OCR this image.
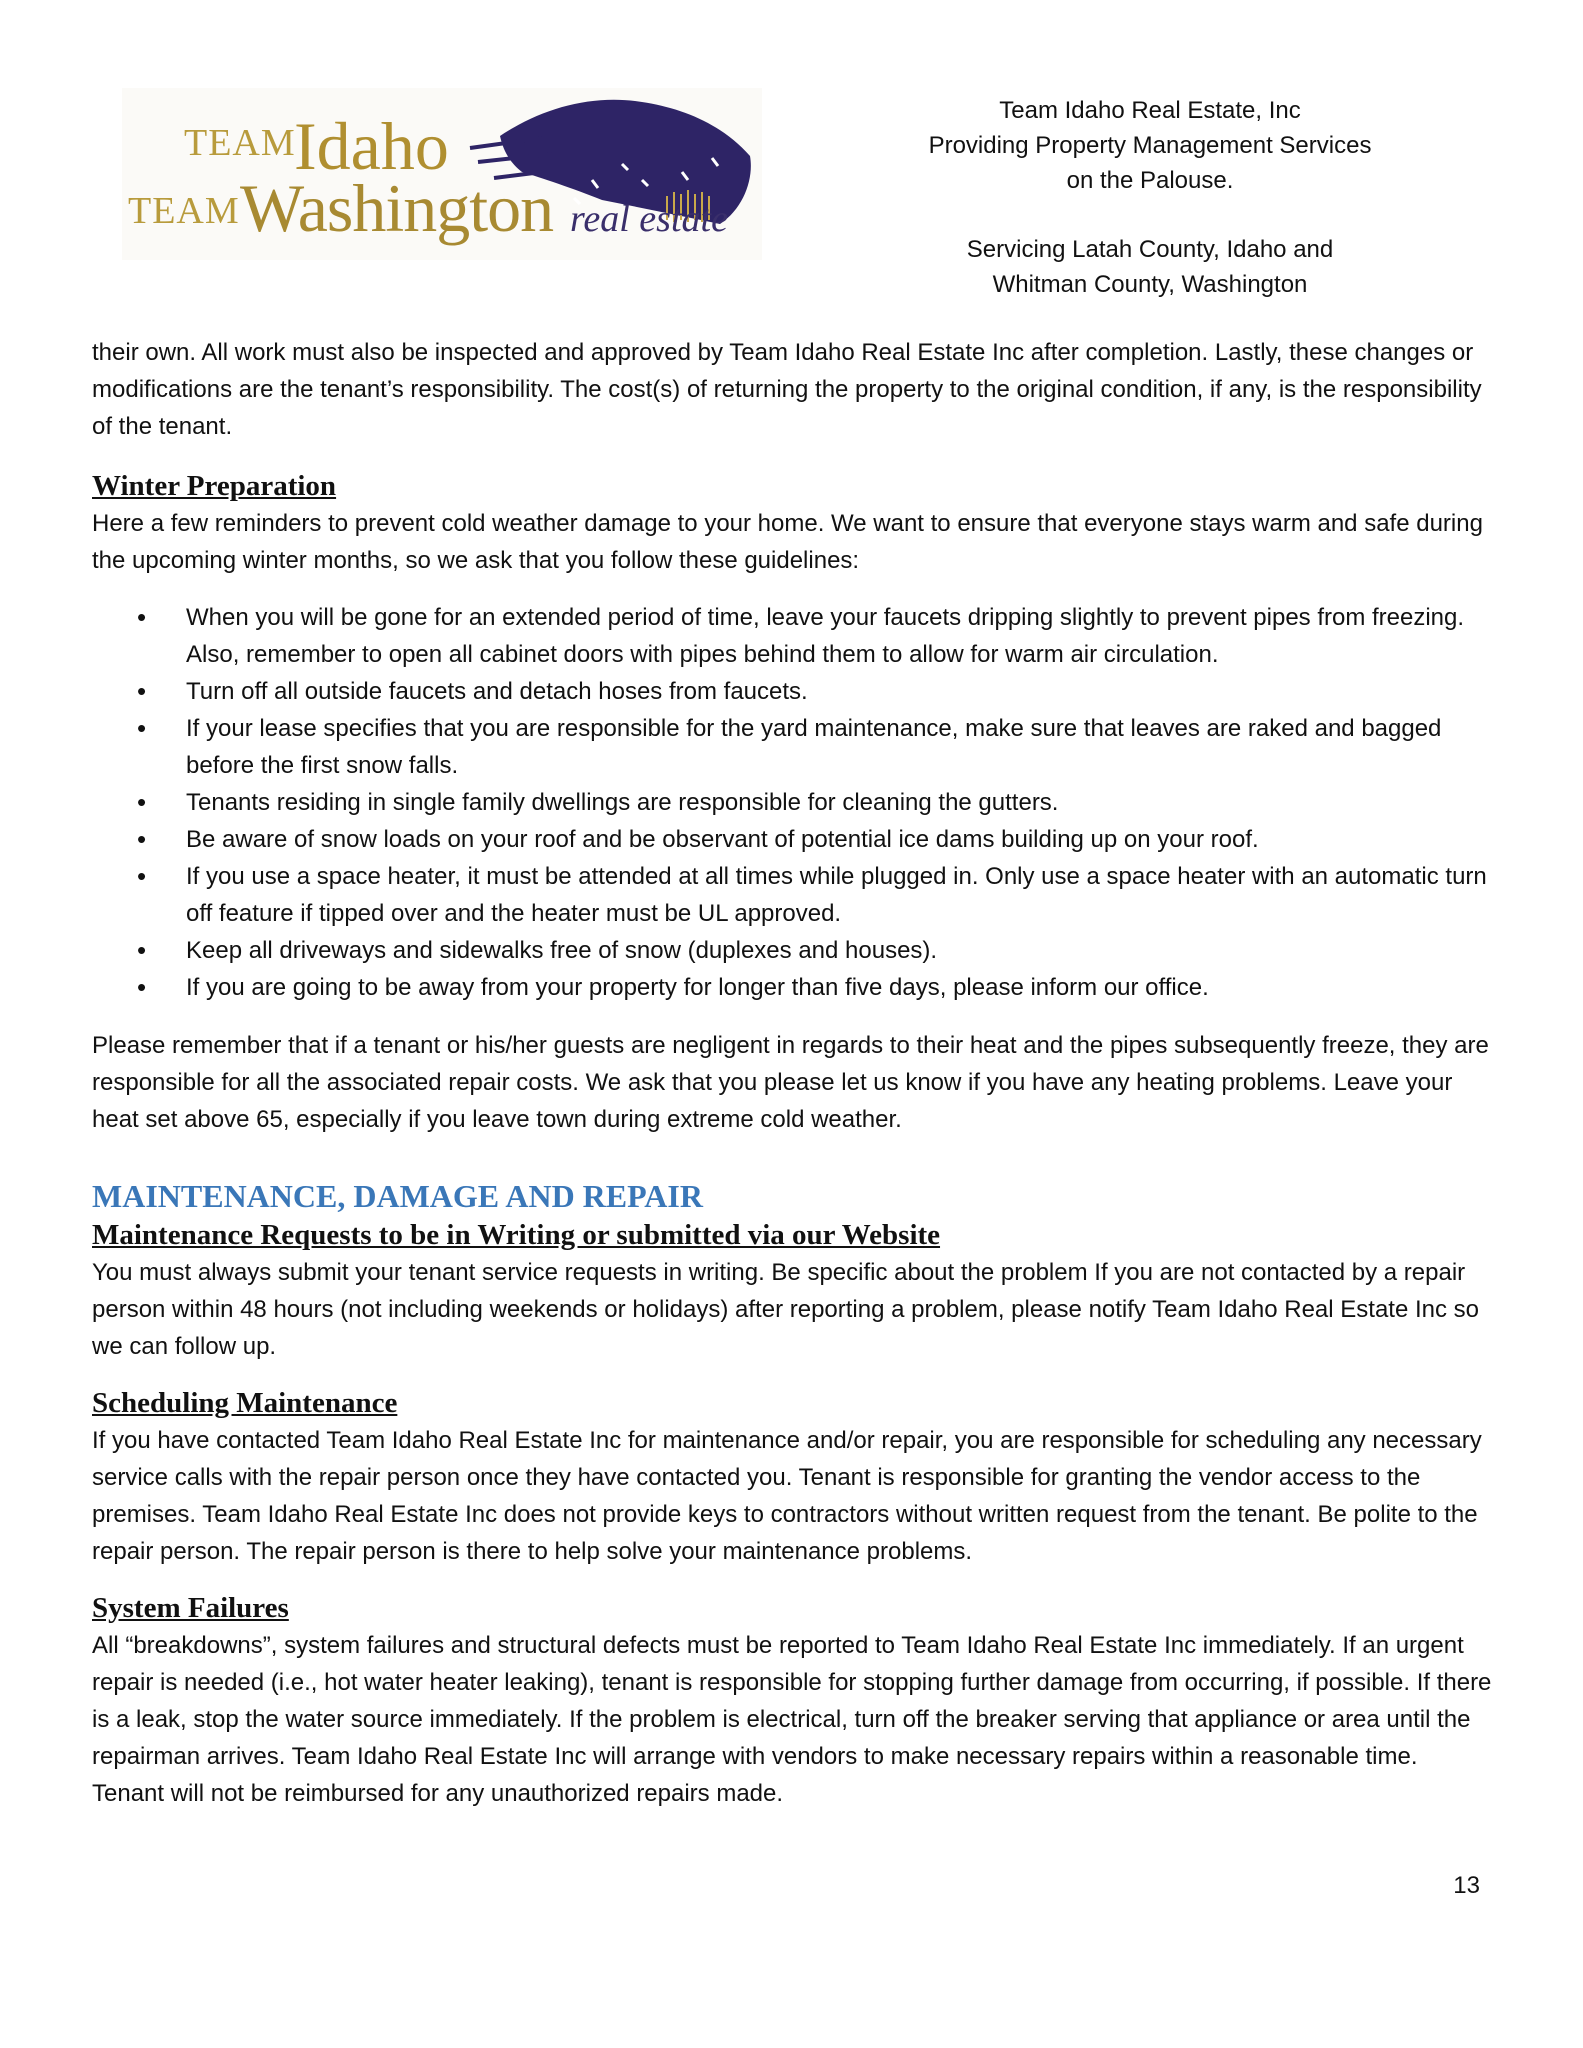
TEAM
Idaho
TEAM Washington real estate
Team Idaho Real Estate, Inc
Providing Property Management Services
on the Palouse.
Servicing Latah County, Idaho and
Whitman County, Washington

their own. All work must also be inspected and approved by Team Idaho Real Estate Inc after completion. Lastly, these changes or modifications are the tenant’s responsibility. The cost(s) of returning the property to the original condition, if any, is the responsibility of the tenant.

Winter Preparation

Here a few reminders to prevent cold weather damage to your home. We want to ensure that everyone stays warm and safe during the upcoming winter months, so we ask that you follow these guidelines:

• When you will be gone for an extended period of time, leave your faucets dripping slightly to prevent pipes from freezing. Also, remember to open all cabinet doors with pipes behind them to allow for warm air circulation.
• Turn off all outside faucets and detach hoses from faucets.
• If your lease specifies that you are responsible for the yard maintenance, make sure that leaves are raked and bagged before the first snow falls.
• Tenants residing in single family dwellings are responsible for cleaning the gutters.
• Be aware of snow loads on your roof and be observant of potential ice dams building up on your roof.
• If you use a space heater, it must be attended at all times while plugged in. Only use a space heater with an automatic turn off feature if tipped over and the heater must be UL approved.
• Keep all driveways and sidewalks free of snow (duplexes and houses).
• If you are going to be away from your property for longer than five days, please inform our office.

Please remember that if a tenant or his/her guests are negligent in regards to their heat and the pipes subsequently freeze, they are responsible for all the associated repair costs. We ask that you please let us know if you have any heating problems. Leave your heat set above 65, especially if you leave town during extreme cold weather.

MAINTENANCE, DAMAGE AND REPAIR
Maintenance Requests to be in Writing or submitted via our Website

You must always submit your tenant service requests in writing. Be specific about the problem If you are not contacted by a repair person within 48 hours (not including weekends or holidays) after reporting a problem, please notify Team Idaho Real Estate Inc so we can follow up.

Scheduling Maintenance

If you have contacted Team Idaho Real Estate Inc for maintenance and/or repair, you are responsible for scheduling any necessary service calls with the repair person once they have contacted you. Tenant is responsible for granting the vendor access to the premises. Team Idaho Real Estate Inc does not provide keys to contractors without written request from the tenant. Be polite to the repair person. The repair person is there to help solve your maintenance problems.

System Failures

All “breakdowns”, system failures and structural defects must be reported to Team Idaho Real Estate Inc immediately. If an urgent repair is needed (i.e., hot water heater leaking), tenant is responsible for stopping further damage from occurring, if possible. If there is a leak, stop the water source immediately. If the problem is electrical, turn off the breaker serving that appliance or area until the repairman arrives. Team Idaho Real Estate Inc will arrange with vendors to make necessary repairs within a reasonable time. Tenant will not be reimbursed for any unauthorized repairs made.

13
